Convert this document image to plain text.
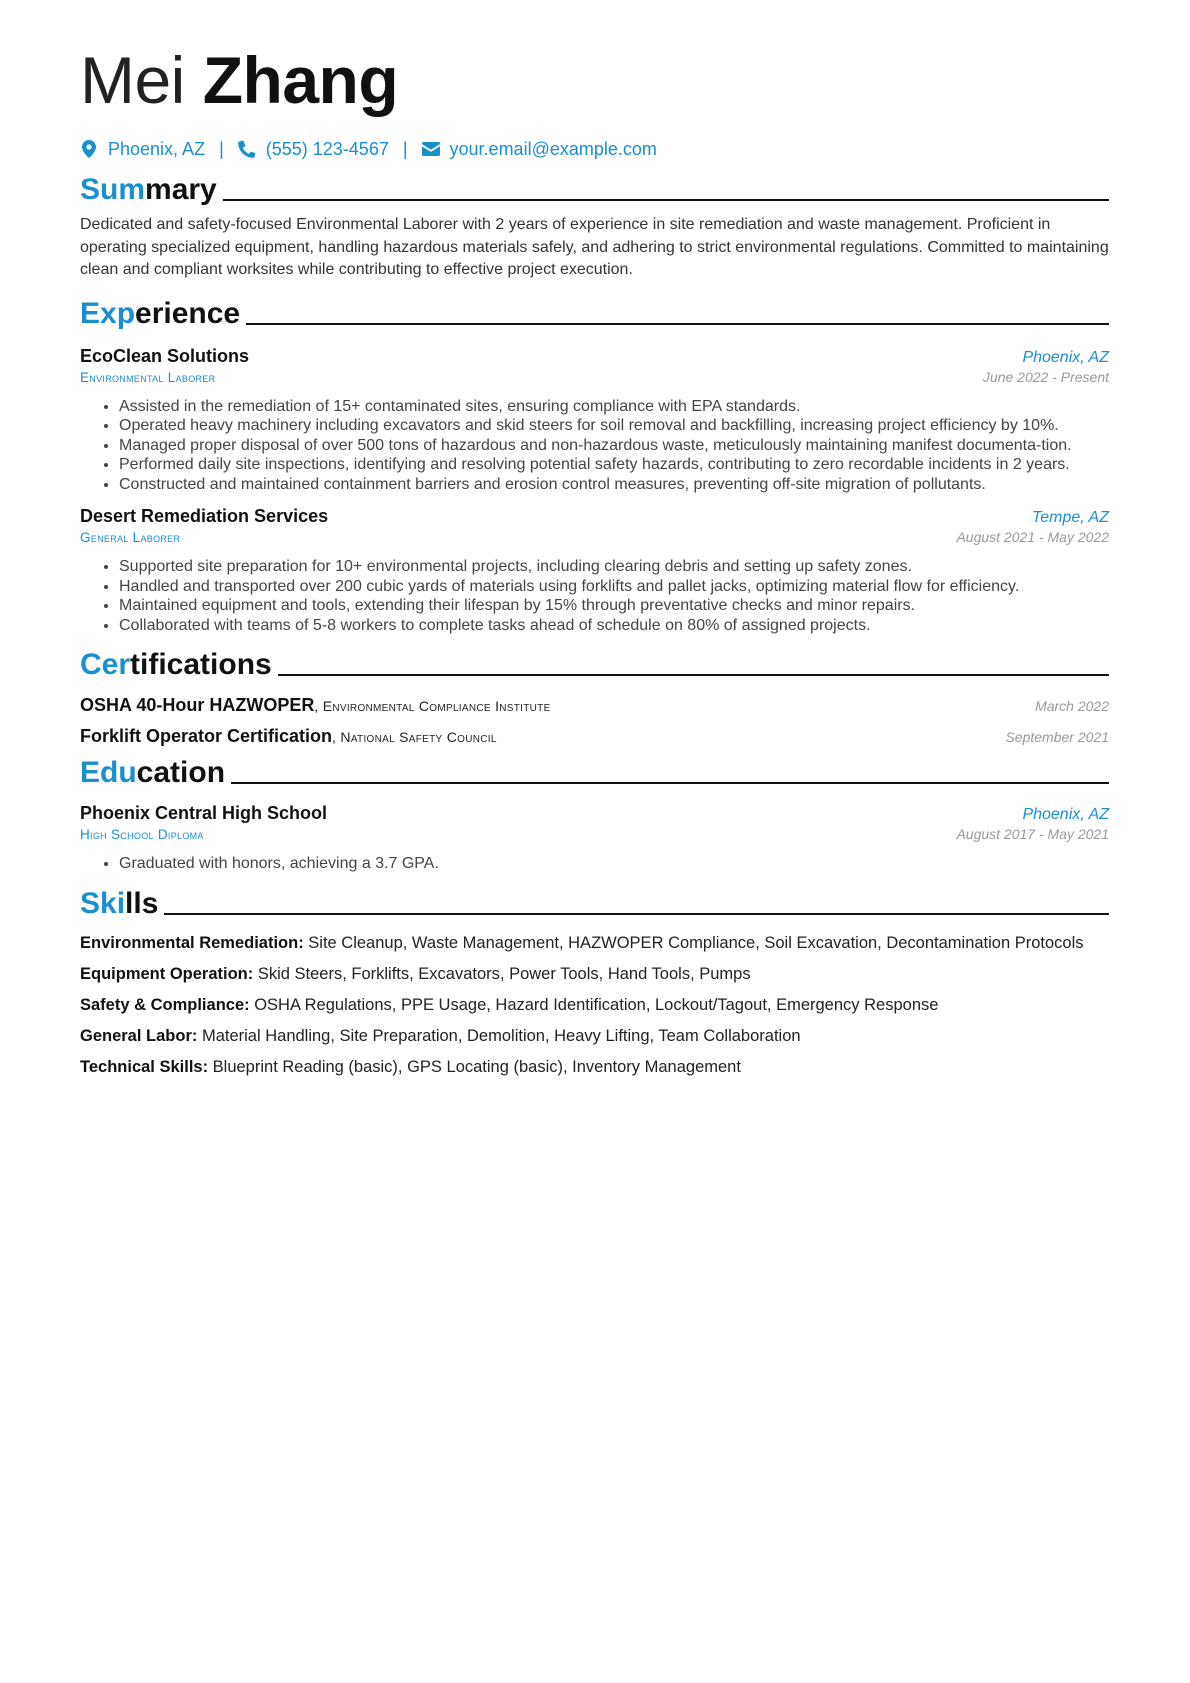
Mei Zhang
Phoenix, AZ | (555) 123-4567 | your.email@example.com
Summary

Dedicated and safety-focused Environmental Laborer with 2 years of experience in site remediation and waste management. Proficient in operating specialized equipment, handling hazardous materials safely, and adhering to strict environmental regulations. Committed to maintaining clean and compliant worksites while contributing to effective project execution.

Experience
EcoClean Solutions	Phoenix, AZ
Environmental Laborer	June 2022 - Present
• Assisted in the remediation of 15+ contaminated sites, ensuring compliance with EPA standards.
• Operated heavy machinery including excavators and skid steers for soil removal and backfilling, increasing project efficiency by 10%.
• Managed proper disposal of over 500 tons of hazardous and non-hazardous waste, meticulously maintaining manifest documenta-tion.
• Performed daily site inspections, identifying and resolving potential safety hazards, contributing to zero recordable incidents in 2 years.
• Constructed and maintained containment barriers and erosion control measures, preventing off-site migration of pollutants.
Desert Remediation Services	Tempe, AZ
General Laborer	August 2021 - May 2022
• Supported site preparation for 10+ environmental projects, including clearing debris and setting up safety zones.
• Handled and transported over 200 cubic yards of materials using forklifts and pallet jacks, optimizing material flow for efficiency.
• Maintained equipment and tools, extending their lifespan by 15% through preventative checks and minor repairs.
• Collaborated with teams of 5-8 workers to complete tasks ahead of schedule on 80% of assigned projects.
Certifications
OSHA 40-Hour HAZWOPER, Environmental Compliance Institute	March 2022
Forklift Operator Certification, National Safety Council	September 2021
Education
Phoenix Central High School	Phoenix, AZ
High School Diploma	August 2017 - May 2021
• Graduated with honors, achieving a 3.7 GPA.
Skills
Environmental Remediation: Site Cleanup, Waste Management, HAZWOPER Compliance, Soil Excavation, Decontamination Protocols
Equipment Operation: Skid Steers, Forklifts, Excavators, Power Tools, Hand Tools, Pumps
Safety & Compliance: OSHA Regulations, PPE Usage, Hazard Identification, Lockout/Tagout, Emergency Response
General Labor: Material Handling, Site Preparation, Demolition, Heavy Lifting, Team Collaboration
Technical Skills: Blueprint Reading (basic), GPS Locating (basic), Inventory Management
